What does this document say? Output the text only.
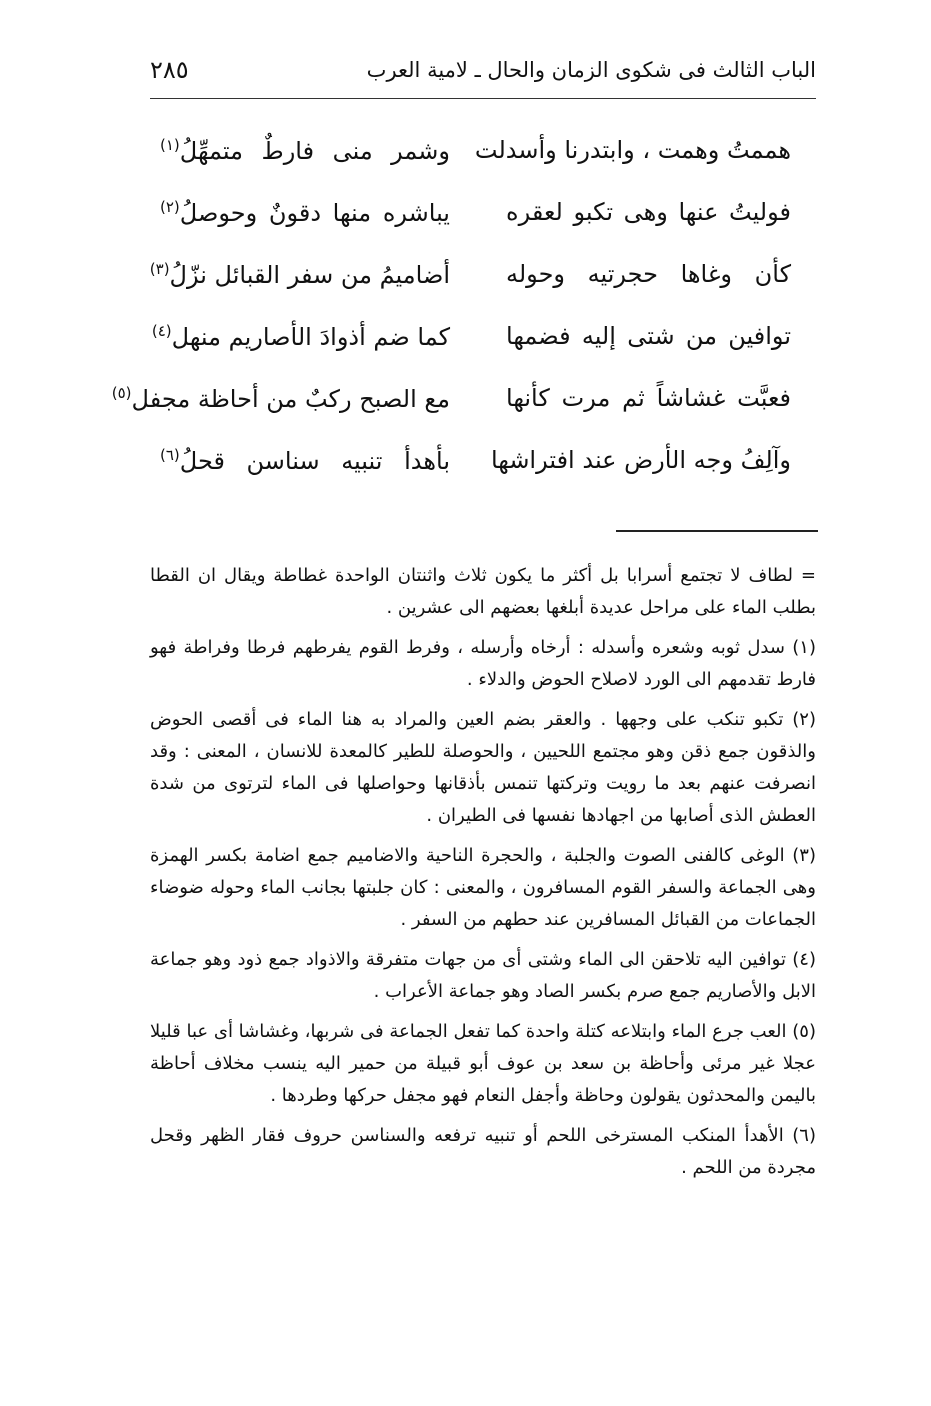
الباب الثالث فى شكوى الزمان والحال ـ لامية العرب
٢٨٥
هممتُ وهمت ، وابتدرنا وأسدلت
وشمر منى فارطٌ متمهِّلُ$^{(١)}$
فوليتُ عنها وهى تكبو لعقره
يباشره منها دقونٌ وحوصلُ$^{(٢)}$
كأن وغاها حجرتيه وحوله
أضاميمُ من سفر القبائل نزّلُ$^{(٣)}$
توافين من شتى إليه فضمها
كما ضم أذوادَ الأصاريم منهل$^{(٤)}$
فعبَّت غشاشاً ثم مرت كأنها
مع الصبح ركبٌ من أحاظة مجفل$^{(٥)}$
وآلِفُ وجه الأرض عند افتراشها
بأهدأ تنبيه سناسن قحلُ$^{(٦)}$

= لطاف لا تجتمع أسرابا بل أكثر ما يكون ثلاث واثنتان الواحدة غطاطة ويقال ان القطا بطلب الماء على مراحل عديدة أبلغها بعضهم الى عشرين .

(١) سدل ثوبه وشعره وأسدله : أرخاه وأرسله ، وفرط القوم يفرطهم فرطا وفراطة فهو فارط تقدمهم الى الورد لاصلاح الحوض والدلاء .

(٢) تكبو تنكب على وجهها . والعقر بضم العين والمراد به هنا الماء فى أقصى الحوض والذقون جمع ذقن وهو مجتمع اللحيين ، والحوصلة للطير كالمعدة للانسان ، المعنى : وقد انصرفت عنهم بعد ما رويت وتركتها تنمس بأذقانها وحواصلها فى الماء لترتوى من شدة العطش الذى أصابها من اجهادها نفسها فى الطيران .

(٣) الوغى كالفنى الصوت والجلبة ، والحجرة الناحية والاضاميم جمع اضامة بكسر الهمزة وهى الجماعة والسفر القوم المسافرون ، والمعنى : كان جلبتها بجانب الماء وحوله ضوضاء الجماعات من القبائل المسافرين عند حطهم من السفر .

(٤) توافين اليه تلاحقن الى الماء وشتى أى من جهات متفرقة والاذواد جمع ذود وهو جماعة الابل والأصاريم جمع صرم بكسر الصاد وهو جماعة الأعراب .

(٥) العب جرع الماء وابتلاعه كتلة واحدة كما تفعل الجماعة فى شربها، وغشاشا أى عبا قليلا عجلا غير مرئى وأحاظة بن سعد بن عوف أبو قبيلة من حمير اليه ينسب مخلاف أحاظة باليمن والمحدثون يقولون وحاظة وأجفل النعام فهو مجفل حركها وطردها .

(٦) الأهدأ المنكب المسترخى اللحم أو تنبيه ترفعه والسناسن حروف فقار الظهر وقحل مجردة من اللحم .
